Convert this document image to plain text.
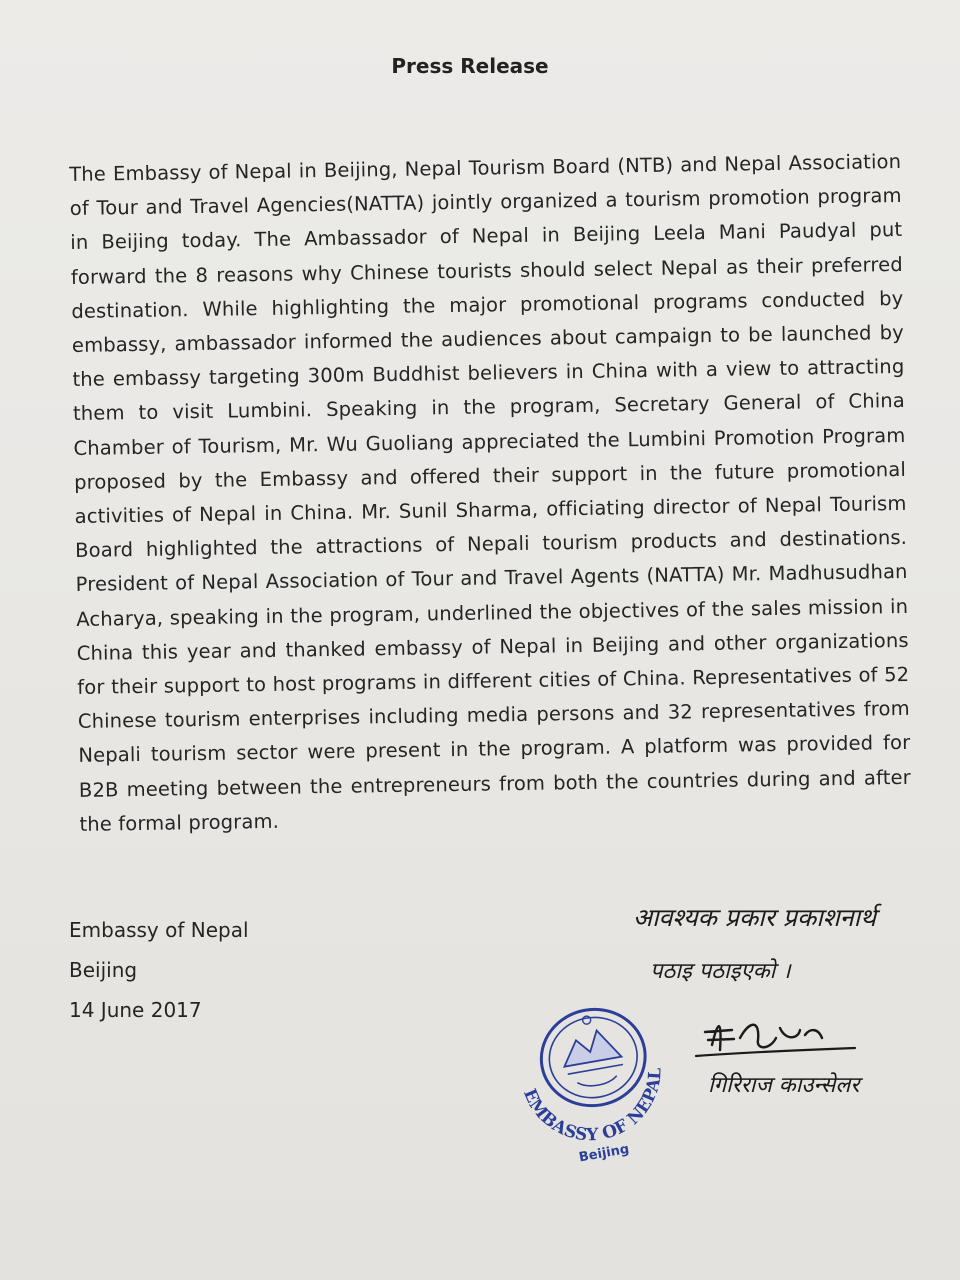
Press Release
The Embassy of Nepal in Beijing, Nepal Tourism Board (NTB) and Nepal Association of Tour and Travel Agencies(NATTA) jointly organized a tourism promotion program in Beijing today. The Ambassador of Nepal in Beijing Leela Mani Paudyal put forward the 8 reasons why Chinese tourists should select Nepal as their preferred destination. While highlighting the major promotional programs conducted by embassy, ambassador informed the audiences about campaign to be launched by the embassy targeting 300m Buddhist believers in China with a view to attracting them to visit Lumbini. Speaking in the program, Secretary General of China Chamber of Tourism, Mr. Wu Guoliang appreciated the Lumbini Promotion Program proposed by the Embassy and offered their support in the future promotional activities of Nepal in China. Mr. Sunil Sharma, officiating director of Nepal Tourism Board highlighted the attractions of Nepali tourism products and destinations. President of Nepal Association of Tour and Travel Agents (NATTA) Mr. Madhusudhan Acharya, speaking in the program, underlined the objectives of the sales mission in China this year and thanked embassy of Nepal in Beijing and other organizations for their support to host programs in different cities of China. Representatives of 52 Chinese tourism enterprises including media persons and 32 representatives from Nepali tourism sector were present in the program. A platform was provided for B2B meeting between the entrepreneurs from both the countries during and after the formal program.
Embassy of Nepal
Beijing
14 June 2017
आवश्यक प्रकार प्रकाशनार्थ
पठाइ पठाइएको ।
गिरिराज काउन्सेलर
EMBASSY OF NEPAL
Beijing
